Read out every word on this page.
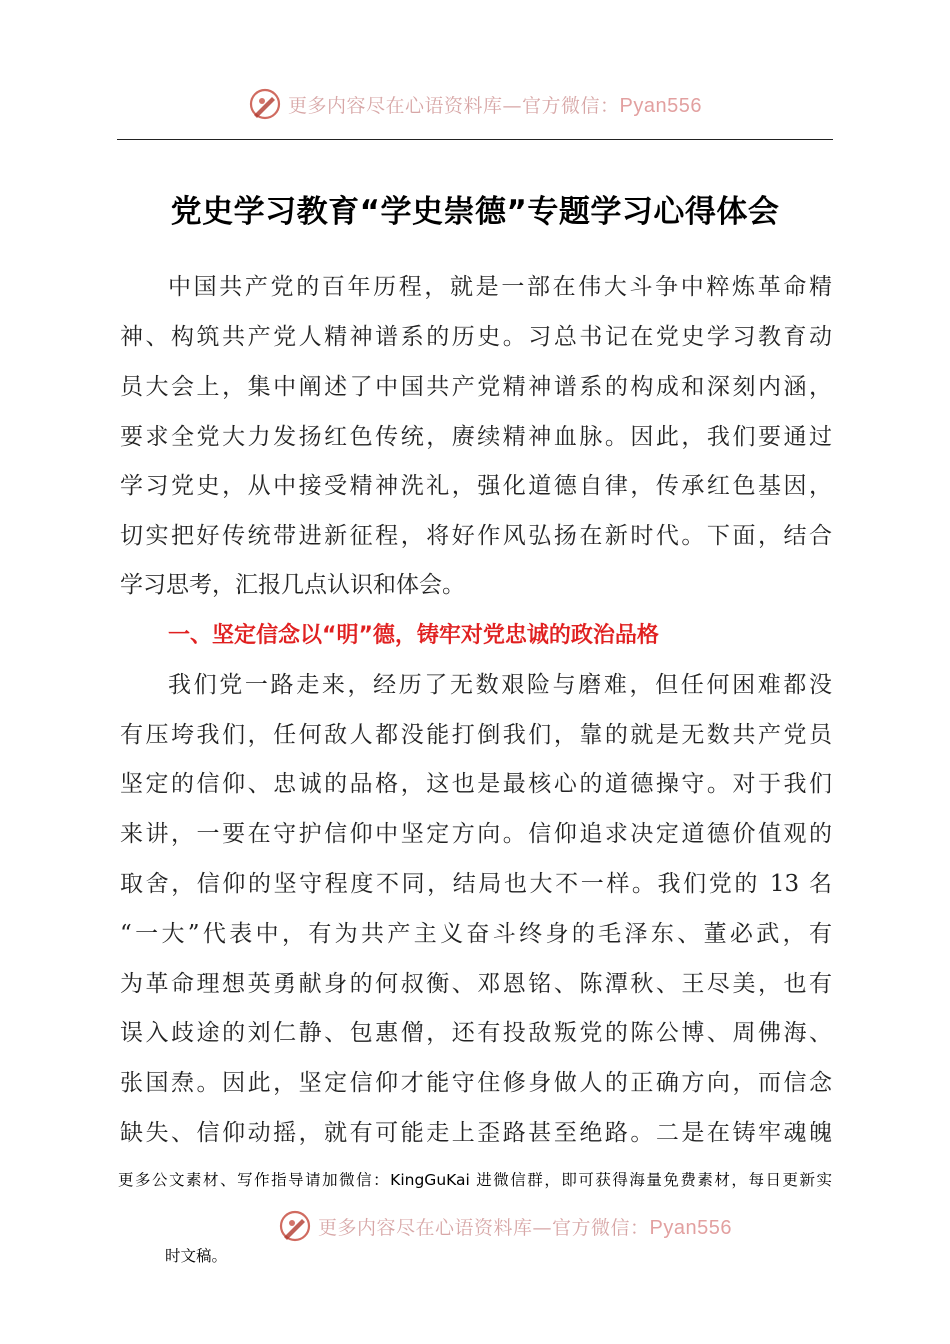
更多内容尽在心语资料库—官方微信：Pyan556
党史学习教育“学史崇德”专题学习心得体会
中国共产党的百年历程，就是一部在伟大斗争中粹炼革命精
神、构筑共产党人精神谱系的历史。习总书记在党史学习教育动
员大会上，集中阐述了中国共产党精神谱系的构成和深刻内涵，
要求全党大力发扬红色传统，赓续精神血脉。因此，我们要通过
学习党史，从中接受精神洗礼，强化道德自律，传承红色基因，
切实把好传统带进新征程，将好作风弘扬在新时代。下面，结合
学习思考，汇报几点认识和体会。
一、坚定信念以“明”德，铸牢对党忠诚的政治品格
我们党一路走来，经历了无数艰险与磨难，但任何困难都没
有压垮我们，任何敌人都没能打倒我们，靠的就是无数共产党员
坚定的信仰、忠诚的品格，这也是最核心的道德操守。对于我们
来讲，一要在守护信仰中坚定方向。信仰追求决定道德价值观的
取舍，信仰的坚守程度不同，结局也大不一样。我们党的 13 名
“一大”代表中，有为共产主义奋斗终身的毛泽东、董必武，有
为革命理想英勇献身的何叔衡、邓恩铭、陈潭秋、王尽美，也有
误入歧途的刘仁静、包惠僧，还有投敌叛党的陈公博、周佛海、
张国焘。因此，坚定信仰才能守住修身做人的正确方向，而信念
缺失、信仰动摇，就有可能走上歪路甚至绝路。二是在铸牢魂魄
更多公文素材、写作指导请加微信：KingGuKai 进微信群，即可获得海量免费素材，每日更新实
更多内容尽在心语资料库—官方微信：Pyan556
时文稿。
